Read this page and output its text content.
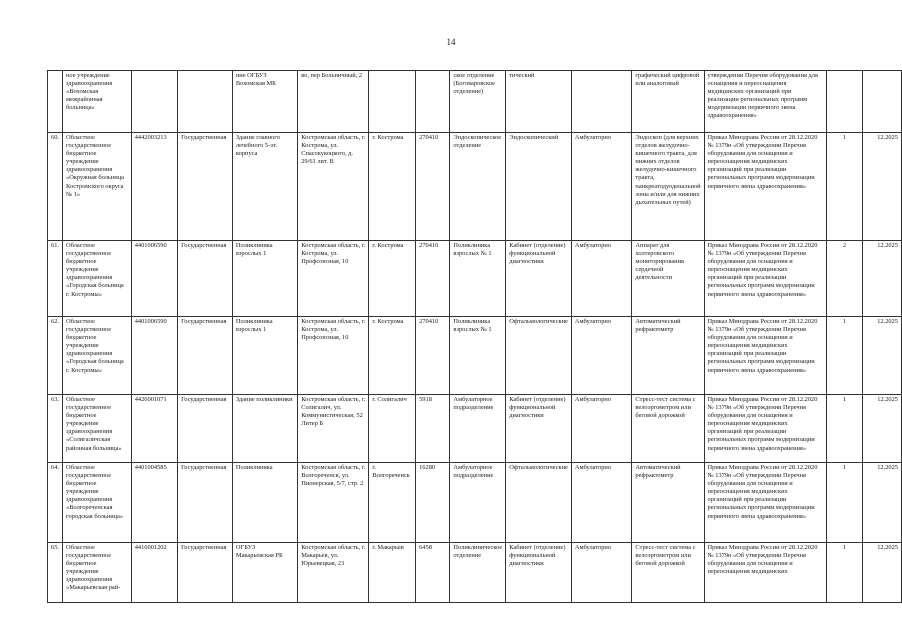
14
	ное учреждение здравоохранения «Вохомская межрайонная больница»			ние ОГБУЗ Вохомская МБ	во, пер Больничный, 2			ское отделение (Боговаровское отделение)	тический		графический цифровой или аналоговый	утверждении Перечня оборудования для оснащения и переоснащения медицинских организаций при реализации региональных программ модернизации первичного звена здравоохранения»		
60.	Областное государственное бюджетное учреждение здравоохранения «Окружная больница Костромского округа № 1»	4442003213	Государственная	Здание главного лечебного 5-эт. корпуса	Костромская область, г. Кострома, ул. Спасокукоцкого, д. 29/61 лит. В	г. Кострома	270410	Эндоскопическое отделение	Эндоскопический	Амбулаторно	Эндоскоп (для верхних отделов желудочно-кишечного тракта, для нижних отделов желудочно-кишечного тракта, панкреатодуоденальной зоны и/или для нижних дыхательных путей)	Приказ Минздрава России от 28.12.2020 № 1379н «Об утверждении Перечня оборудования для оснащения и переоснащения медицинских организаций при реализации региональных программ модернизации первичного звена здравоохранения»	1	12.2025
61.	Областное государственное бюджетное учреждение здравоохранения «Городская больница г. Костромы»	4401006590	Государственная	Поликлиника взрослых 1	Костромская область, г. Кострома, ул. Профсоюзная, 10	г. Кострома	270410	Поликлиника взрослых № 1	Кабинет (отделение) функциональной диагностики	Амбулаторно	Аппарат для холтеровского мониторирования сердечной деятельности	Приказ Минздрава России от 28.12.2020 № 1379н «Об утверждении Перечня оборудования для оснащения и переоснащения медицинских организаций при реализации региональных программ модернизации первичного звена здравоохранения»	2	12.2025
62.	Областное государственное бюджетное учреждение здравоохранения «Городская больница г. Костромы»	4401006590	Государственная	Поликлиника взрослых 1	Костромская область, г. Кострома, ул. Профсоюзная, 10	г. Кострома	270410	Поликлиника взрослых № 1	Офтальмологические	Амбулаторно	Автоматический рефрактометр	Приказ Минздрава России от 28.12.2020 № 1379н «Об утверждении Перечня оборудования для оснащения и переоснащения медицинских организаций при реализации региональных программ модернизации первичного звена здравоохранения»	1	12.2025
63.	Областное государственное бюджетное учреждение здравоохранения «Солигаличская районная больница»	4426001071	Государственная	Здание поликлиники	Костромская область, г. Солигалич, ул. Коммунистическая, 52 Литер Б	г. Солигалич	5918	Амбулаторное подразделение	Кабинет (отделение) функциональной диагностики	Амбулаторно	Стресс-тест система с велоэргометром или беговой дорожкой	Приказ Минздрава России от 28.12.2020 № 1379н «Об утверждении Перечня оборудования для оснащения и переоснащения медицинских организаций при реализации региональных программ модернизации первичного звена здравоохранения»	1	12.2025
64.	Областное государственное бюджетное учреждение здравоохранения «Волгореченская городская больница»	4401004585	Государственная	Поликлиника	Костромская область, г. Волгореченск, ул. Пионерская, 5/7, стр. 2	г. Волгореченск	16280	Амбулаторное подразделение	Офтальмологические	Амбулаторно	Автоматический рефрактометр	Приказ Минздрава России от 28.12.2020 № 1379н «Об утверждении Перечня оборудования для оснащения и переоснащения медицинских организаций при реализации региональных программ модернизации первичного звена здравоохранения»	1	12.2025
65.	Областное государственное бюджетное учреждение здравоохранения «Макарьевская рай-	4416001202	Государственная	ОГБУЗ Макарьевская РБ	Костромская область, г. Макарьев, ул. Юрьевецкая, 23	г. Макарьев	6458	Поликлиническое отделение	Кабинет (отделение) функциональной диагностики	Амбулаторно	Стресс-тест система с велоэргометром или беговой дорожкой	Приказ Минздрава России от 28.12.2020 № 1379н «Об утверждении Перечня оборудования для оснащения и переоснащения медицинских	1	12.2025
